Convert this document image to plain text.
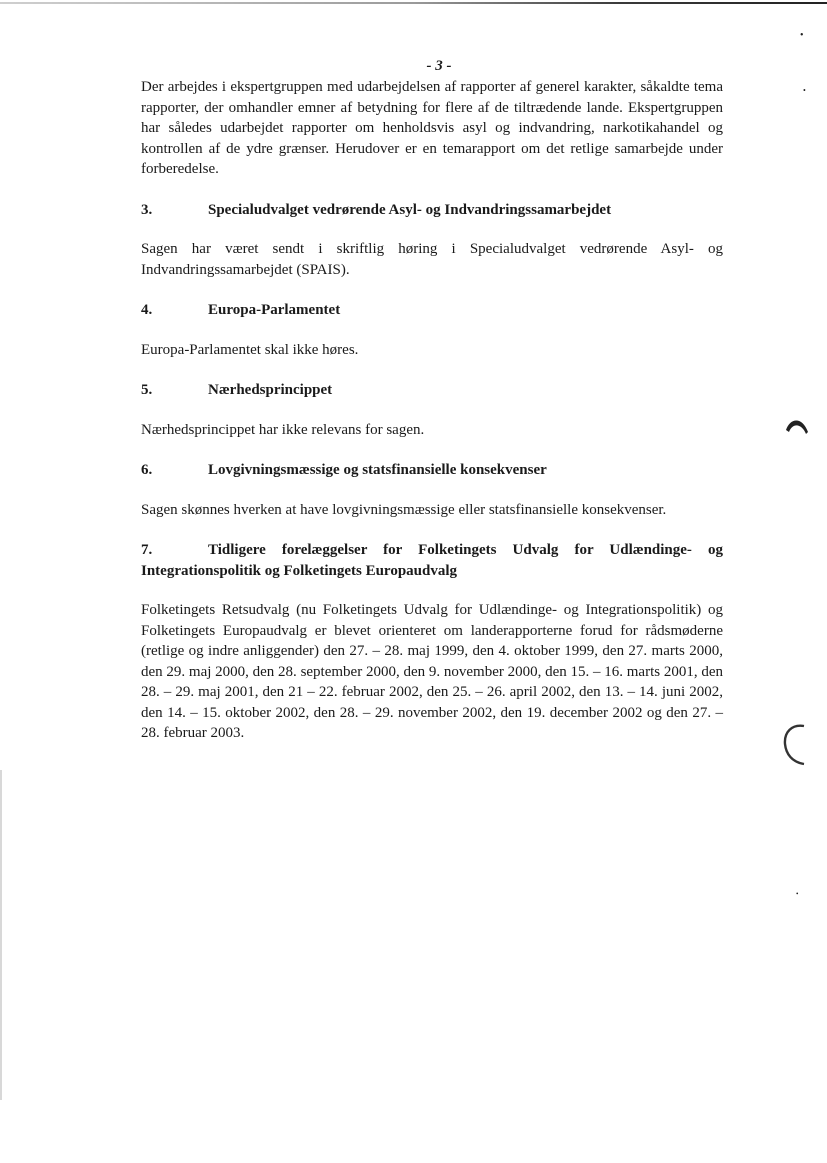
•
•
•
- 3 -

Der arbejdes i ekspertgruppen med udarbejdelsen af rapporter af generel karakter, såkaldte tema rapporter, der omhandler emner af betydning for flere af de tiltrædende lande. Ekspertgruppen har således udarbejdet rapporter om henholdsvis asyl og indvandring, narkotikahandel og kontrollen af de ydre grænser. Herudover er en temarapport om det retlige samarbejde under forberedelse.

3.	Specialudvalget vedrørende Asyl- og Indvandringssamarbejdet

Sagen har været sendt i skriftlig høring i Specialudvalget vedrørende Asyl- og Indvandringssamarbejdet (SPAIS).

4.	Europa-Parlamentet

Europa-Parlamentet skal ikke høres.

5.	Nærhedsprincippet

Nærhedsprincippet har ikke relevans for sagen.

6.	Lovgivningsmæssige og statsfinansielle konsekvenser

Sagen skønnes hverken at have lovgivningsmæssige eller statsfinansielle konsekvenser.

7.	Tidligere forelæggelser for Folketingets Udvalg for Udlændinge- og Integrationspolitik og Folketingets Europaudvalg

Folketingets Retsudvalg (nu Folketingets Udvalg for Udlændinge- og Integrationspolitik) og Folketingets Europaudvalg er blevet orienteret om landerapporterne forud for rådsmøderne (retlige og indre anliggender) den 27. – 28. maj 1999, den 4. oktober 1999, den 27. marts 2000, den 29. maj 2000, den 28. september 2000, den 9. november 2000, den 15. – 16. marts 2001, den 28. – 29. maj 2001, den 21 – 22. februar 2002, den 25. – 26. april 2002, den 13. – 14. juni 2002, den 14. – 15. oktober 2002, den 28. – 29. november 2002, den 19. december 2002 og den 27. – 28. februar 2003.
